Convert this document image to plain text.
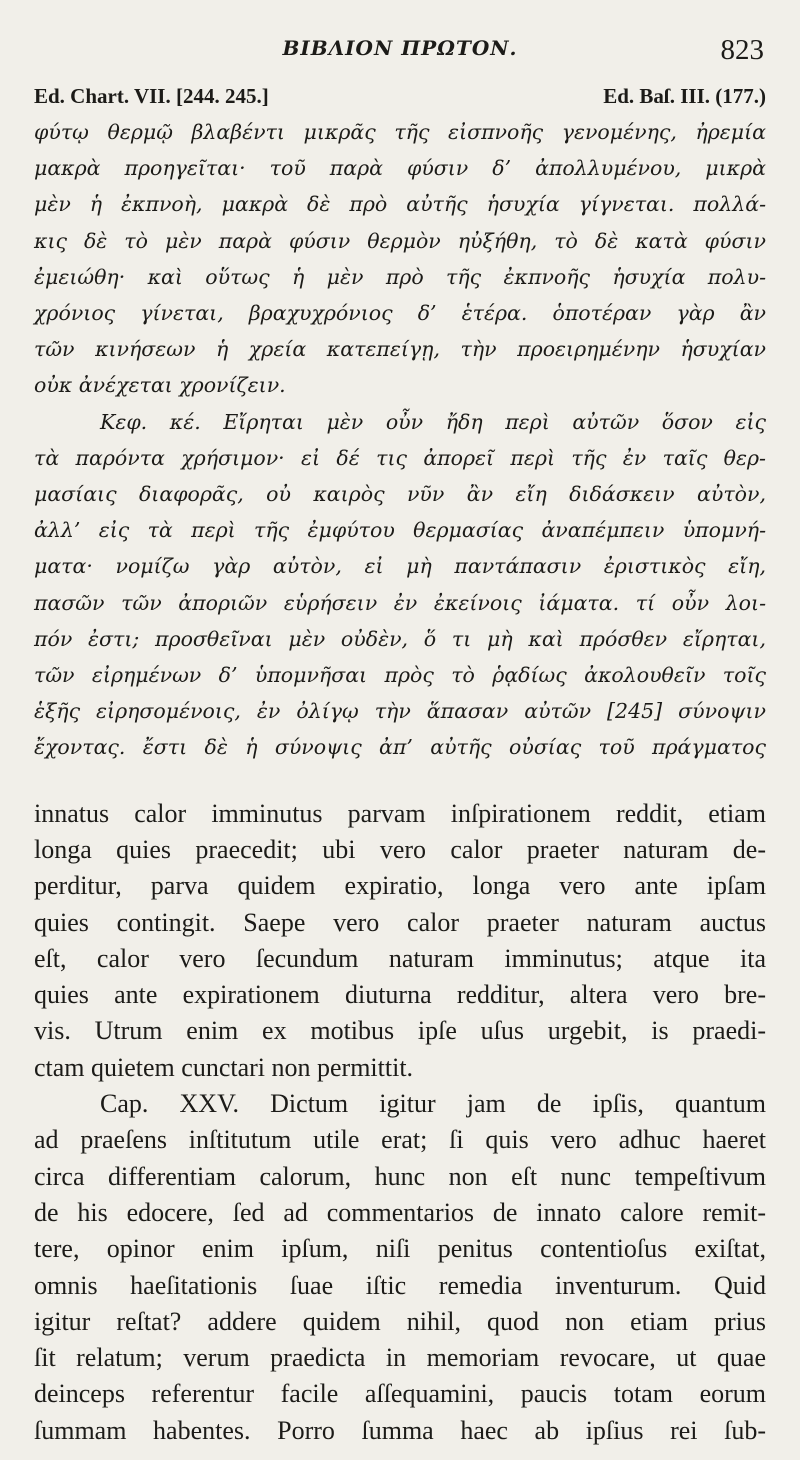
ΒΙΒΛΙΟΝ ΠΡΩΤΟΝ.	823
Ed. Chart. VII. [244. 245.]	Ed. Baſ. III. (177.)
φύτῳ θερμῷ βλαβέντι μικρᾶς τῆς εἰσπνοῆς γενομένης, ἠρεμία
μακρὰ προηγεῖται· τοῦ παρὰ φύσιν δ’ ἀπολλυμένου, μικρὰ
μὲν ἡ ἐκπνοὴ, μακρὰ δὲ πρὸ αὐτῆς ἡσυχία γίγνεται. πολλά-
κις δὲ τὸ μὲν παρὰ φύσιν θερμὸν ηὐξήθη, τὸ δὲ κατὰ φύσιν
ἐμειώθη· καὶ οὕτως ἡ μὲν πρὸ τῆς ἐκπνοῆς ἡσυχία πολυ-
χρόνιος γίνεται, βραχυχρόνιος δ’ ἑτέρα. ὁποτέραν γὰρ ἂν
τῶν κινήσεων ἡ χρεία κατεπείγῃ, τὴν προειρημένην ἡσυχίαν
οὐκ ἀνέχεται χρονίζειν.
Κεφ. κέ. Εἴρηται μὲν οὖν ἤδη περὶ αὐτῶν ὅσον εἰς
τὰ παρόντα χρήσιμον· εἰ δέ τις ἀπορεῖ περὶ τῆς ἐν ταῖς θερ-
μασίαις διαφορᾶς, οὐ καιρὸς νῦν ἂν εἴη διδάσκειν αὐτὸν,
ἀλλ’ εἰς τὰ περὶ τῆς ἐμφύτου θερμασίας ἀναπέμπειν ὑπομνή-
ματα· νομίζω γὰρ αὐτὸν, εἰ μὴ παντάπασιν ἐριστικὸς εἴη,
πασῶν τῶν ἀποριῶν εὑρήσειν ἐν ἐκείνοις ἰάματα. τί οὖν λοι-
πόν ἐστι; προσθεῖναι μὲν οὐδὲν, ὅ τι μὴ καὶ πρόσθεν εἴρηται,
τῶν εἰρημένων δ’ ὑπομνῆσαι πρὸς τὸ ῥᾳδίως ἀκολουθεῖν τοῖς
ἑξῆς εἰρησομένοις, ἐν ὀλίγῳ τὴν ἅπασαν αὐτῶν [245] σύνοψιν
ἔχοντας. ἔστι δὲ ἡ σύνοψις ἀπ’ αὐτῆς οὐσίας τοῦ πράγματος
innatus calor imminutus parvam inſpirationem reddit, etiam
longa quies praecedit; ubi vero calor praeter naturam de-
perditur, parva quidem expiratio, longa vero ante ipſam
quies contingit. Saepe vero calor praeter naturam auctus
eſt, calor vero ſecundum naturam imminutus; atque ita
quies ante expirationem diuturna redditur, altera vero bre-
vis. Utrum enim ex motibus ipſe uſus urgebit, is praedi-
ctam quietem cunctari non permittit.
Cap. XXV. Dictum igitur jam de ipſis, quantum
ad praeſens inſtitutum utile erat; ſi quis vero adhuc haeret
circa differentiam calorum, hunc non eſt nunc tempeſtivum
de his edocere, ſed ad commentarios de innato calore remit-
tere, opinor enim ipſum, niſi penitus contentioſus exiſtat,
omnis haeſitationis ſuae iſtic remedia inventurum. Quid
igitur reſtat? addere quidem nihil, quod non etiam prius
ſit relatum; verum praedicta in memoriam revocare, ut quae
deinceps referentur facile aſſequamini, paucis totam eorum
ſummam habentes. Porro ſumma haec ab ipſius rei ſub-
